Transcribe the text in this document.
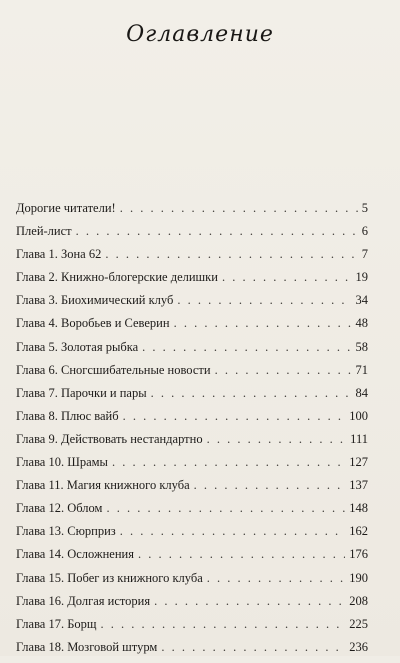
Оглавление
Дорогие читатели! . . .	5
Плей-лист . . .	6
Глава 1. Зона 62 . . .	7
Глава 2. Книжно-блогерские делишки . . .	19
Глава 3. Биохимический клуб . . .	34
Глава 4. Воробьев и Северин . . .	48
Глава 5. Золотая рыбка . . .	58
Глава 6. Сногсшибательные новости . . .	71
Глава 7. Парочки и пары . . .	84
Глава 8. Плюс вайб . . .	100
Глава 9. Действовать нестандартно . . .	111
Глава 10. Шрамы . . .	127
Глава 11. Магия книжного клуба . . .	137
Глава 12. Облом . . .	148
Глава 13. Сюрприз . . .	162
Глава 14. Осложнения . . .	176
Глава 15. Побег из книжного клуба . . .	190
Глава 16. Долгая история . . .	208
Глава 17. Борщ . . .	225
Глава 18. Мозговой штурм . . .	236
